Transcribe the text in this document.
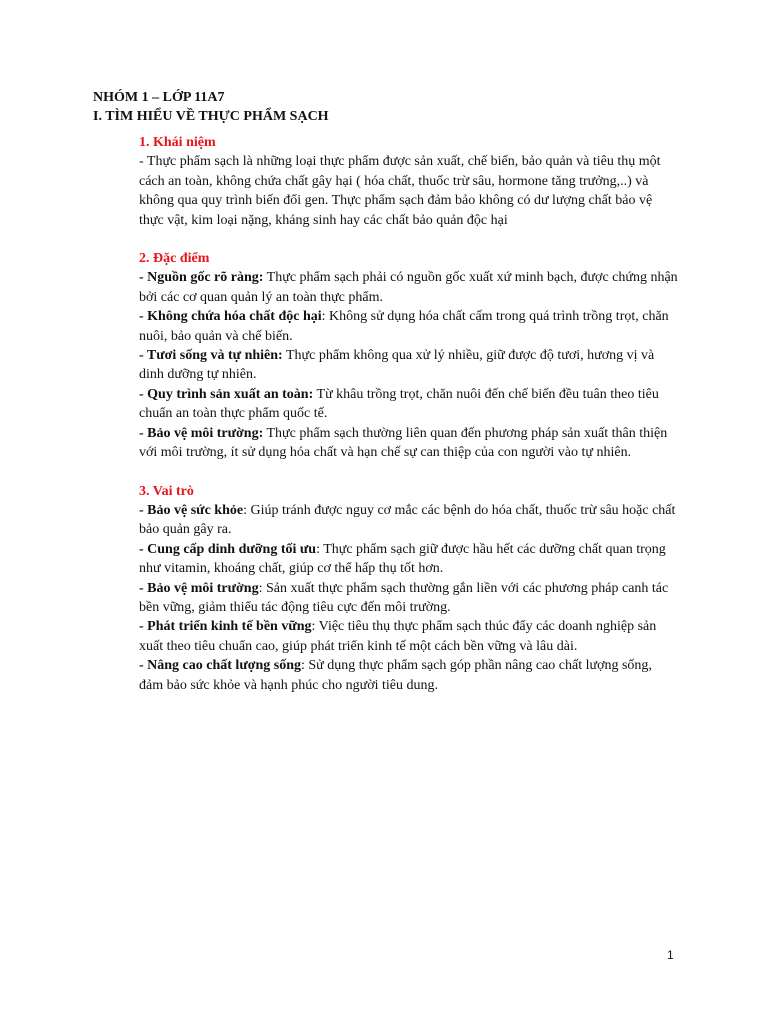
NHÓM 1 – LỚP 11A7
I. TÌM HIỂU VỀ THỰC PHẨM SẠCH
1. Khái niệm
- Thực phẩm sạch là những loại thực phẩm được sản xuất, chế biến, bảo quản và tiêu thụ một cách an toàn, không chứa chất gây hại ( hóa chất, thuốc trừ sâu, hormone tăng trưởng,..) và không qua quy trình biến đổi gen. Thực phẩm sạch đảm bảo không có dư lượng chất bảo vệ thực vật, kim loại nặng, kháng sinh hay các chất bảo quản độc hại
2. Đặc điểm
- Nguồn gốc rõ ràng: Thực phẩm sạch phải có nguồn gốc xuất xứ minh bạch, được chứng nhận bởi các cơ quan quản lý an toàn thực phẩm.
- Không chứa hóa chất độc hại: Không sử dụng hóa chất cấm trong quá trình trồng trọt, chăn nuôi, bảo quản và chế biến.
- Tươi sống và tự nhiên: Thực phẩm không qua xử lý nhiều, giữ được độ tươi, hương vị và dinh dưỡng tự nhiên.
- Quy trình sản xuất an toàn: Từ khâu trồng trọt, chăn nuôi đến chế biến đều tuân theo tiêu chuẩn an toàn thực phẩm quốc tế.
- Bảo vệ môi trường: Thực phẩm sạch thường liên quan đến phương pháp sản xuất thân thiện với môi trường, ít sử dụng hóa chất và hạn chế sự can thiệp của con người vào tự nhiên.
3. Vai trò
- Bảo vệ sức khỏe: Giúp tránh được nguy cơ mắc các bệnh do hóa chất, thuốc trừ sâu hoặc chất bảo quản gây ra.
- Cung cấp dinh dưỡng tối ưu: Thực phẩm sạch giữ được hầu hết các dưỡng chất quan trọng như vitamin, khoáng chất, giúp cơ thể hấp thụ tốt hơn.
- Bảo vệ môi trường: Sản xuất thực phẩm sạch thường gắn liền với các phương pháp canh tác bền vững, giảm thiểu tác động tiêu cực đến môi trường.
- Phát triển kinh tế bền vững: Việc tiêu thụ thực phẩm sạch thúc đẩy các doanh nghiệp sản xuất theo tiêu chuẩn cao, giúp phát triển kinh tế một cách bền vững và lâu dài.
- Nâng cao chất lượng sống: Sử dụng thực phẩm sạch góp phần nâng cao chất lượng sống, đảm bảo sức khỏe và hạnh phúc cho người tiêu dung.
1
